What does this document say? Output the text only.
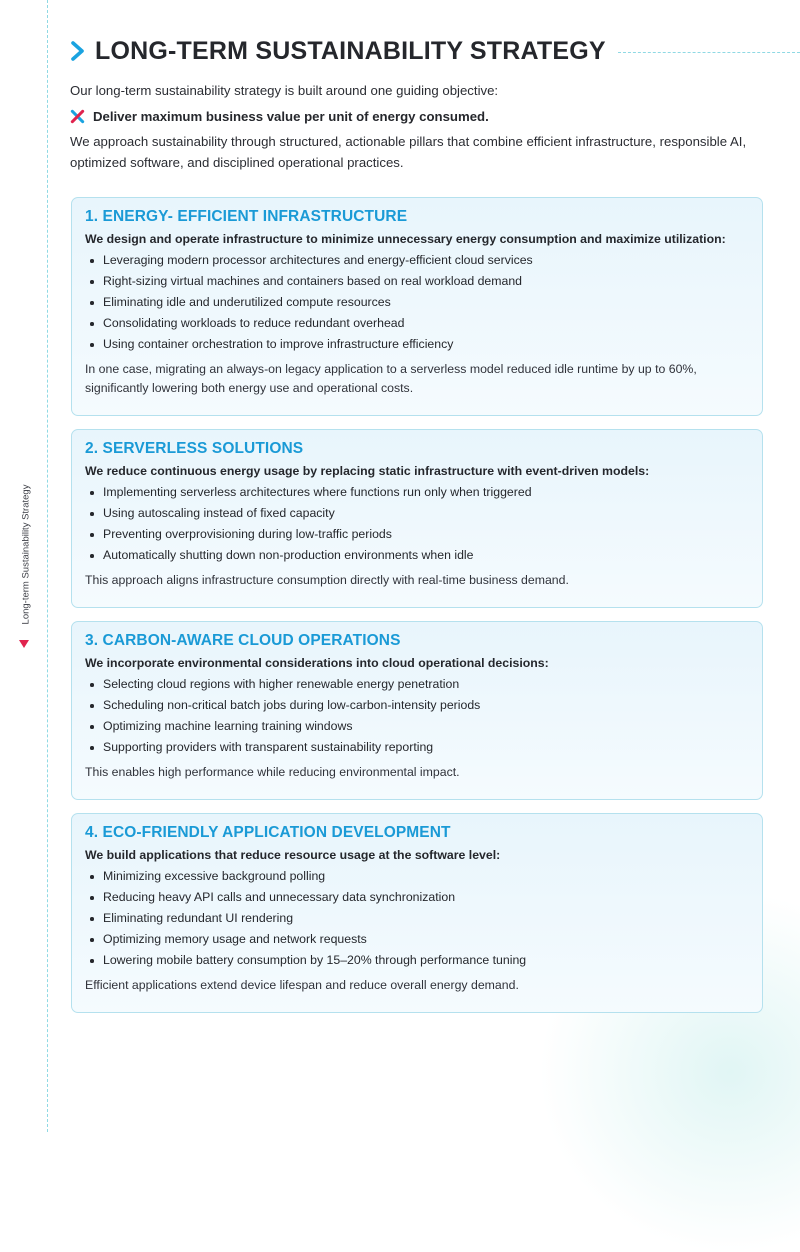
Long-term Sustainability Strategy
LONG-TERM SUSTAINABILITY STRATEGY

Our long-term sustainability strategy is built around one guiding objective:

Deliver maximum business value per unit of energy consumed.

We approach sustainability through structured, actionable pillars that combine efficient infrastructure, responsible AI, optimized software, and disciplined operational practices.

1. ENERGY- EFFICIENT INFRASTRUCTURE
We design and operate infrastructure to minimize unnecessary energy consumption and maximize utilization:
Leveraging modern processor architectures and energy-efficient cloud services
Right-sizing virtual machines and containers based on real workload demand
Eliminating idle and underutilized compute resources
Consolidating workloads to reduce redundant overhead
Using container orchestration to improve infrastructure efficiency

In one case, migrating an always-on legacy application to a serverless model reduced idle runtime by up to 60%, significantly lowering both energy use and operational costs.

2. SERVERLESS SOLUTIONS
We reduce continuous energy usage by replacing static infrastructure with event-driven models:
Implementing serverless architectures where functions run only when triggered
Using autoscaling instead of fixed capacity
Preventing overprovisioning during low-traffic periods
Automatically shutting down non-production environments when idle

This approach aligns infrastructure consumption directly with real-time business demand.

3. CARBON-AWARE CLOUD OPERATIONS
We incorporate environmental considerations into cloud operational decisions:
Selecting cloud regions with higher renewable energy penetration
Scheduling non-critical batch jobs during low-carbon-intensity periods
Optimizing machine learning training windows
Supporting providers with transparent sustainability reporting

This enables high performance while reducing environmental impact.

4. ECO-FRIENDLY APPLICATION DEVELOPMENT
We build applications that reduce resource usage at the software level:
Minimizing excessive background polling
Reducing heavy API calls and unnecessary data synchronization
Eliminating redundant UI rendering
Optimizing memory usage and network requests
Lowering mobile battery consumption by 15–20% through performance tuning

Efficient applications extend device lifespan and reduce overall energy demand.
